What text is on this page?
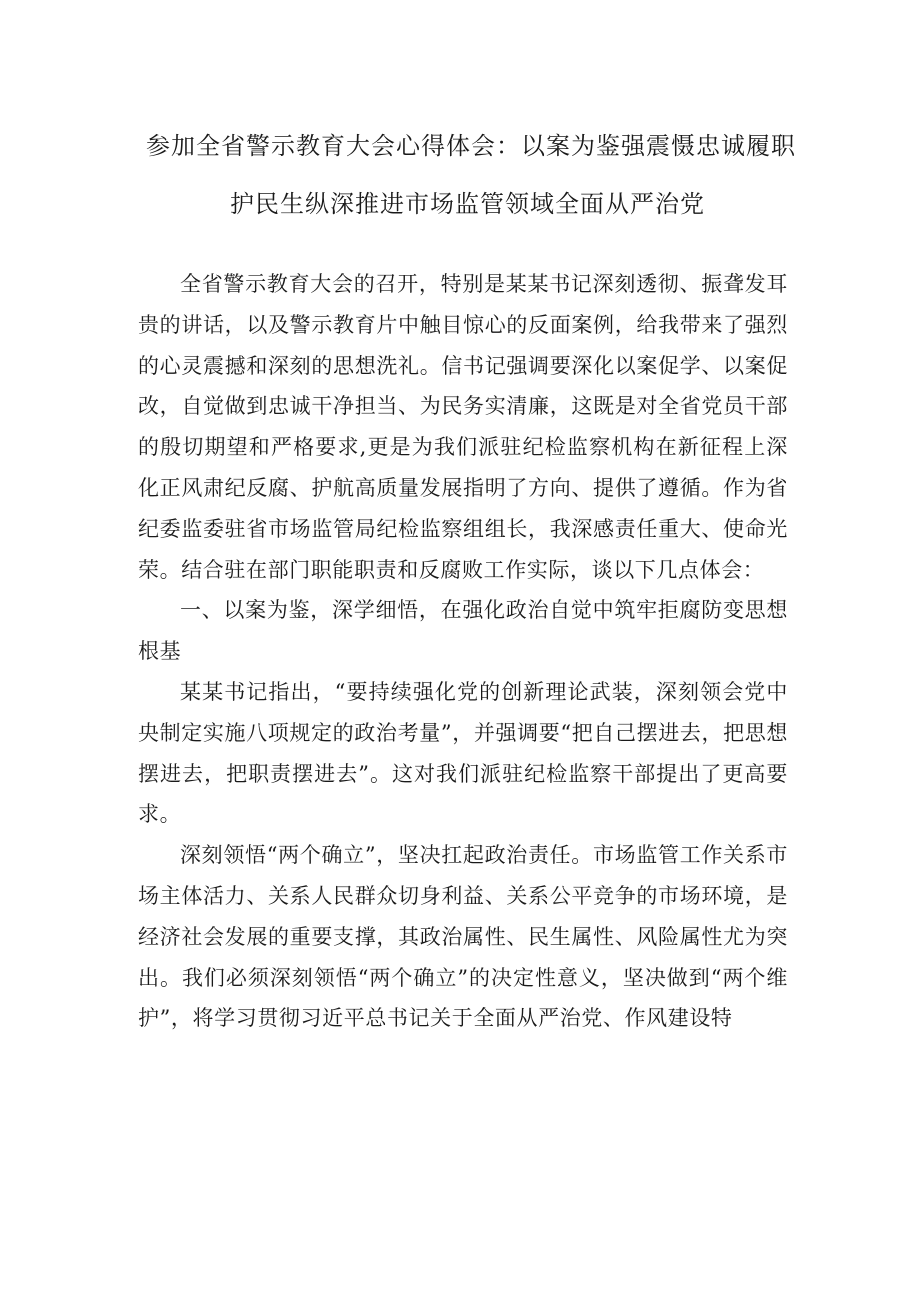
参加全省警示教育大会心得体会：以案为鉴强震慑忠诚履职
护民生纵深推进市场监管领域全面从严治党

全省警示教育大会的召开，特别是某某书记深刻透彻、振聋发耳贵的讲话，以及警示教育片中触目惊心的反面案例，给我带来了强烈的心灵震撼和深刻的思想洗礼。信书记强调要深化以案促学、以案促改，自觉做到忠诚干净担当、为民务实清廉，这既是对全省党员干部的殷切期望和严格要求,更是为我们派驻纪检监察机构在新征程上深化正风肃纪反腐、护航高质量发展指明了方向、提供了遵循。作为省纪委监委驻省市场监管局纪检监察组组长，我深感责任重大、使命光荣。结合驻在部门职能职责和反腐败工作实际，谈以下几点体会：

一、以案为鉴，深学细悟，在强化政治自觉中筑牢拒腐防变思想根基

某某书记指出，“要持续强化党的创新理论武装，深刻领会党中央制定实施八项规定的政治考量”，并强调要“把自己摆进去，把思想摆进去，把职责摆进去”。这对我们派驻纪检监察干部提出了更高要求。

深刻领悟“两个确立”，坚决扛起政治责任。市场监管工作关系市场主体活力、关系人民群众切身利益、关系公平竞争的市场环境，是经济社会发展的重要支撑，其政治属性、民生属性、风险属性尤为突出。我们必须深刻领悟“两个确立”的决定性意义，坚决做到“两个维护”，将学习贯彻习近平总书记关于全面从严治党、作风建设特
